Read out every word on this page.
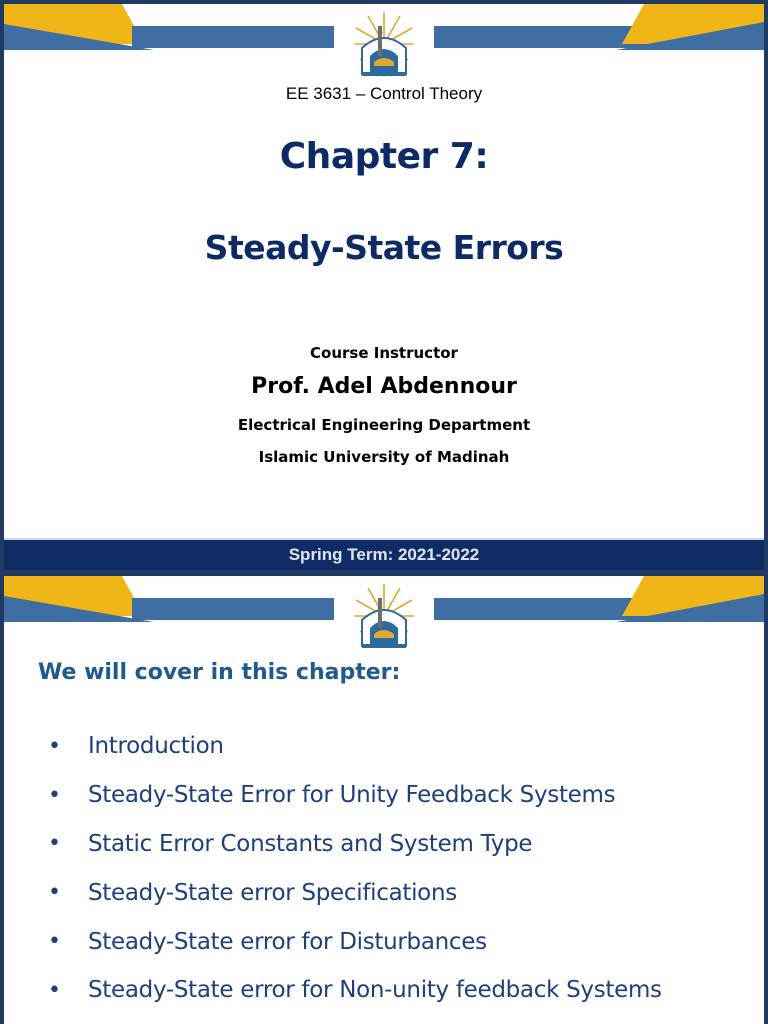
EE 3631 – Control Theory
Chapter 7:
Steady-State Errors
Course Instructor
Prof. Adel Abdennour
Electrical Engineering Department
Islamic University of Madinah
Spring Term: 2021-2022
We will cover in this chapter:
•	Introduction
•	Steady-State Error for Unity Feedback Systems
•	Static Error Constants and System Type
•	Steady-State error Specifications
•	Steady-State error for Disturbances
•	Steady-State error for Non-unity feedback Systems
